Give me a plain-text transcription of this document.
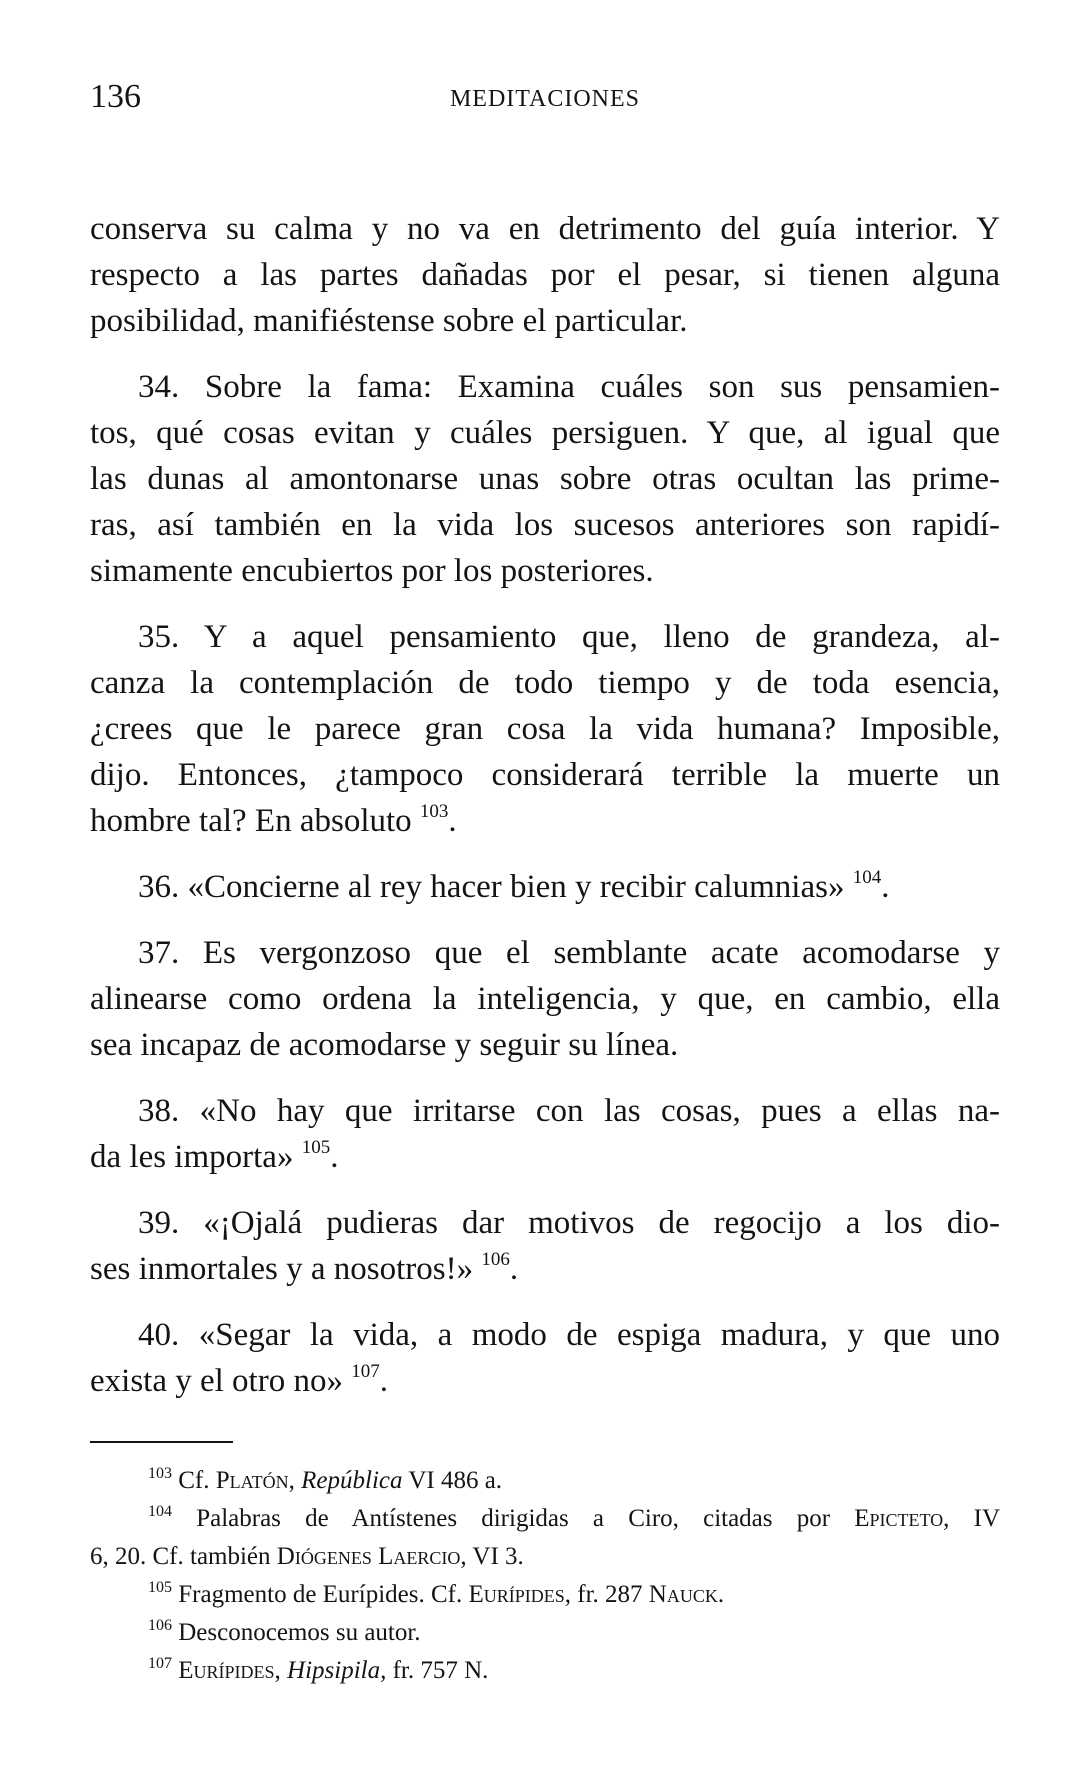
136	MEDITACIONES
conserva su calma y no va en detrimento del guía interior. Y
respecto a las partes dañadas por el pesar, si tienen alguna
posibilidad, manifiéstense sobre el particular.
34. Sobre la fama: Examina cuáles son sus pensamien-
tos, qué cosas evitan y cuáles persiguen. Y que, al igual que
las dunas al amontonarse unas sobre otras ocultan las prime-
ras, así también en la vida los sucesos anteriores son rapidí-
simamente encubiertos por los posteriores.
35. Y a aquel pensamiento que, lleno de grandeza, al-
canza la contemplación de todo tiempo y de toda esencia,
¿crees que le parece gran cosa la vida humana? Imposible,
dijo. Entonces, ¿tampoco considerará terrible la muerte un
hombre tal? En absoluto $^{103}$.
36. «Concierne al rey hacer bien y recibir calumnias» $^{104}$.
37. Es vergonzoso que el semblante acate acomodarse y
alinearse como ordena la inteligencia, y que, en cambio, ella
sea incapaz de acomodarse y seguir su línea.
38. «No hay que irritarse con las cosas, pues a ellas na-
da les importa» $^{105}$.
39. «¡Ojalá pudieras dar motivos de regocijo a los dio-
ses inmortales y a nosotros!» $^{106}$.
40. «Segar la vida, a modo de espiga madura, y que uno
exista y el otro no» $^{107}$.
$^{103}$ Cf. Platón, República VI 486 a.
$^{104}$ Palabras de Antístenes dirigidas a Ciro, citadas por Epicteto, IV
6, 20. Cf. también Diógenes Laercio, VI 3.
$^{105}$ Fragmento de Eurípides. Cf. Eurípides, fr. 287 Nauck.
$^{106}$ Desconocemos su autor.
$^{107}$ Eurípides, Hipsipila, fr. 757 N.
